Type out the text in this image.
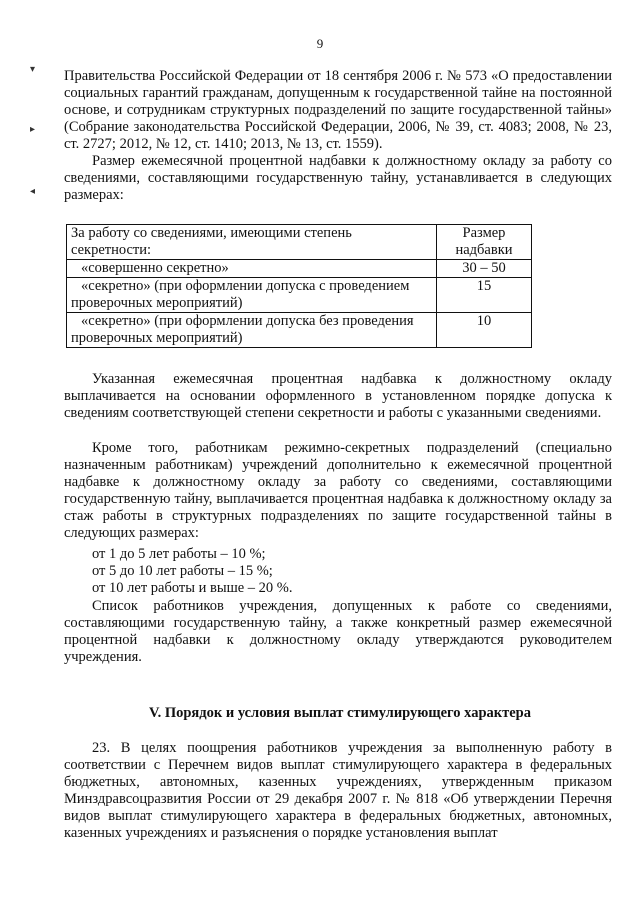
9
▾
▸
◂

Правительства Российской Федерации от 18 сентября 2006 г. № 573 «О предоставлении социальных гарантий гражданам, допущенным к государственной тайне на постоянной основе, и сотрудникам структурных подразделений по защите государственной тайны» (Собрание законодательства Российской Федерации, 2006, № 39, ст. 4083; 2008, № 23, ст. 2727; 2012, № 12, ст. 1410; 2013, № 13, ст. 1559).

Размер ежемесячной процентной надбавки к должностному окладу за работу со сведениями, составляющими государственную тайну, устанавливается в следующих размерах:

За работу со сведениями, имеющими степень секретности:	Размер надбавки
«совершенно секретно»	30 – 50
«секретно» (при оформлении допуска с проведением проверочных мероприятий)	15
«секретно» (при оформлении допуска без проведения проверочных мероприятий)	10

Указанная ежемесячная процентная надбавка к должностному окладу выплачивается на основании оформленного в установленном порядке допуска к сведениям соответствующей степени секретности и работы с указанными сведениями.

Кроме того, работникам режимно-секретных подразделений (специально назначенным работникам) учреждений дополнительно к ежемесячной процентной надбавке к должностному окладу за работу со сведениями, составляющими государственную тайну, выплачивается процентная надбавка к должностному окладу за стаж работы в структурных подразделениях по защите государственной тайны в следующих размерах:

от 1 до 5 лет работы – 10 %;

от 5 до 10 лет работы – 15 %;

от 10 лет работы и выше – 20 %.

Список работников учреждения, допущенных к работе со сведениями, составляющими государственную тайну, а также конкретный размер ежемесячной процентной надбавки к должностному окладу утверждаются руководителем учреждения.

V. Порядок и условия выплат стимулирующего характера

23. В целях поощрения работников учреждения за выполненную работу в соответствии с Перечнем видов выплат стимулирующего характера в федеральных бюджетных, автономных, казенных учреждениях, утвержденным приказом Минздравсоцразвития России от 29 декабря 2007 г. № 818 «Об утверждении Перечня видов выплат стимулирующего характера в федеральных бюджетных, автономных, казенных учреждениях и разъяснения о порядке установления выплат
